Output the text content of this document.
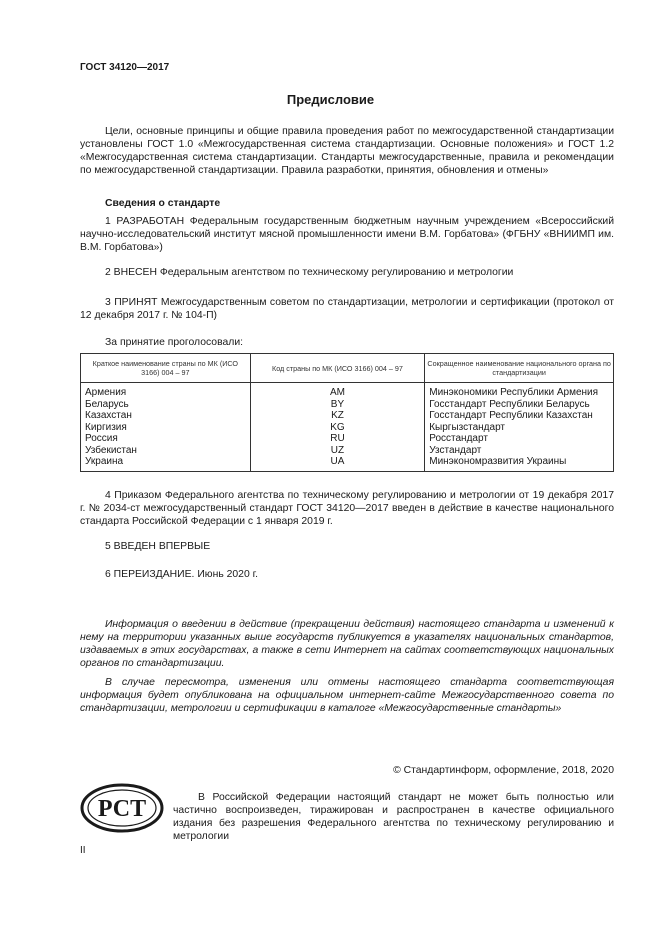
ГОСТ 34120—2017
Предисловие
Цели, основные принципы и общие правила проведения работ по межгосударственной стандартизации установлены ГОСТ 1.0 «Межгосударственная система стандартизации. Основные положения» и ГОСТ 1.2 «Межгосударственная система стандартизации. Стандарты межгосударственные, правила и рекомендации по межгосударственной стандартизации. Правила разработки, принятия, обновления и отмены»
Сведения о стандарте
1 РАЗРАБОТАН Федеральным государственным бюджетным научным учреждением «Всероссийский научно-исследовательский институт мясной промышленности имени В.М. Горбатова» (ФГБНУ «ВНИИМП им. В.М. Горбатова»)
2 ВНЕСЕН Федеральным агентством по техническому регулированию и метрологии
3 ПРИНЯТ Межгосударственным советом по стандартизации, метрологии и сертификации (протокол от 12 декабря 2017 г. № 104-П)
За принятие проголосовали:
Краткое наименование страны по МК (ИСО 3166) 004 – 97	Код страны по МК (ИСО 3166) 004 – 97	Сокращенное наименование национального органа по стандартизации
Армения	AM	Минэкономики Республики Армения
Беларусь	BY	Госстандарт Республики Беларусь
Казахстан	KZ	Госстандарт Республики Казахстан
Киргизия	KG	Кыргызстандарт
Россия	RU	Росстандарт
Узбекистан	UZ	Узстандарт
Украина	UA	Минэкономразвития Украины
4 Приказом Федерального агентства по техническому регулированию и метрологии от 19 декабря 2017 г. № 2034-ст межгосударственный стандарт ГОСТ 34120—2017 введен в действие в качестве национального стандарта Российской Федерации с 1 января 2019 г.
5 ВВЕДЕН ВПЕРВЫЕ
6 ПЕРЕИЗДАНИЕ. Июнь 2020 г.
Информация о введении в действие (прекращении действия) настоящего стандарта и изменений к нему на территории указанных выше государств публикуется в указателях национальных стандартов, издаваемых в этих государствах, а также в сети Интернет на сайтах соответствующих национальных органов по стандартизации.
В случае пересмотра, изменения или отмены настоящего стандарта соответствующая информация будет опубликована на официальном интернет-сайте Межгосударственного совета по стандартизации, метрологии и сертификации в каталоге «Межгосударственные стандарты»
© Стандартинформ, оформление, 2018, 2020
РСТ	В Российской Федерации настоящий стандарт не может быть полностью или частично воспроизведен, тиражирован и распространен в качестве официального издания без разрешения Федерального агентства по техническому регулированию и метрологии
II
